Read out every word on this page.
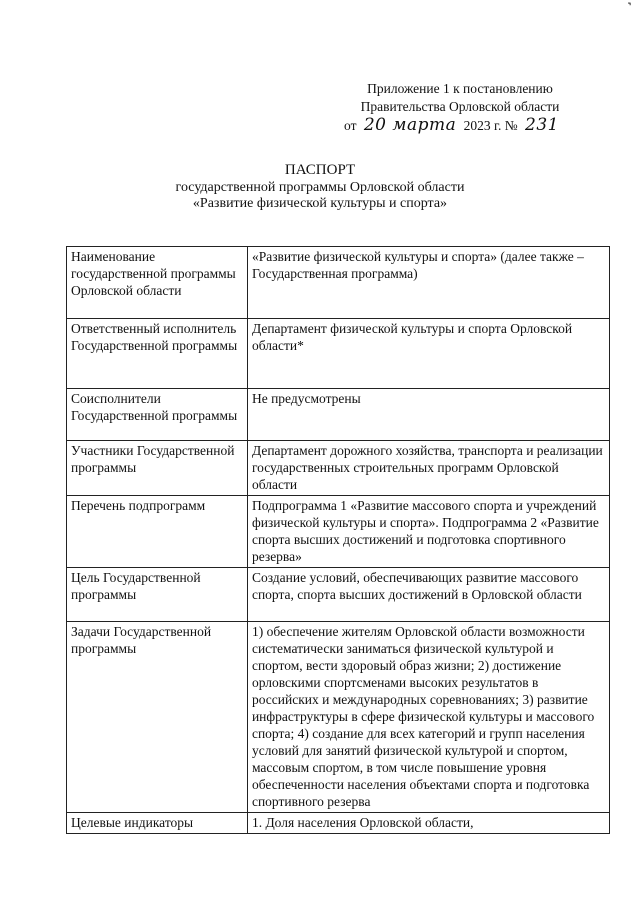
˺
Приложение 1 к постановлению
Правительства Орловской области
от 20 марта 2023 г. № 231
ПАСПОРТ
государственной программы Орловской области
«Развитие физической культуры и спорта»
Наименование государственной программы Орловской области	«Развитие физической культуры и спорта» (далее также – Государственная программа)
Ответственный исполнитель Государственной программы	Департамент физической культуры и спорта Орловской области*
Соисполнители Государственной программы	Не предусмотрены
Участники Государственной программы	Департамент дорожного хозяйства, транспорта и реализации государственных строительных программ Орловской области
Перечень подпрограмм	Подпрограмма 1 «Развитие массового спорта и учреждений физической культуры и спорта». Подпрограмма 2 «Развитие спорта высших достижений и подготовка спортивного резерва»
Цель Государственной программы	Создание условий, обеспечивающих развитие массового спорта, спорта высших достижений в Орловской области
Задачи Государственной программы	1) обеспечение жителям Орловской области возможности систематически заниматься физической культурой и спортом, вести здоровый образ жизни; 2) достижение орловскими спортсменами высоких результатов в российских и международных соревнованиях; 3) развитие инфраструктуры в сфере физической культуры и массового спорта; 4) создание для всех категорий и групп населения условий для занятий физической культурой и спортом, массовым спортом, в том числе повышение уровня обеспеченности населения объектами спорта и подготовка спортивного резерва
Целевые индикаторы	1. Доля населения Орловской области,
